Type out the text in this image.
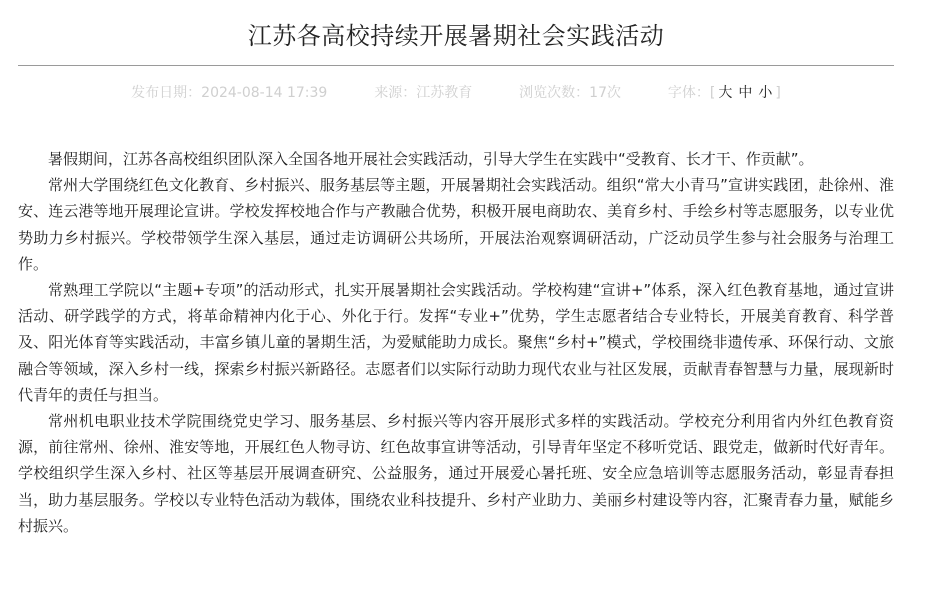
江苏各高校持续开展暑期社会实践活动
发布日期：2024-08-14 17:39	来源：江苏教育	浏览次数：17次	字体：[ 大 中 小 ]

暑假期间，江苏各高校组织团队深入全国各地开展社会实践活动，引导大学生在实践中“受教育、长才干、作贡献”。

常州大学围绕红色文化教育、乡村振兴、服务基层等主题，开展暑期社会实践活动。组织“常大小青马”宣讲实践团，赴徐州、淮安、连云港等地开展理论宣讲。学校发挥校地合作与产教融合优势，积极开展电商助农、美育乡村、手绘乡村等志愿服务，以专业优势助力乡村振兴。学校带领学生深入基层，通过走访调研公共场所，开展法治观察调研活动，广泛动员学生参与社会服务与治理工作。

常熟理工学院以“主题+专项”的活动形式，扎实开展暑期社会实践活动。学校构建“宣讲+”体系，深入红色教育基地，通过宣讲活动、研学践学的方式，将革命精神内化于心、外化于行。发挥“专业+”优势，学生志愿者结合专业特长，开展美育教育、科学普及、阳光体育等实践活动，丰富乡镇儿童的暑期生活，为爱赋能助力成长。聚焦“乡村+”模式，学校围绕非遗传承、环保行动、文旅融合等领域，深入乡村一线，探索乡村振兴新路径。志愿者们以实际行动助力现代农业与社区发展，贡献青春智慧与力量，展现新时代青年的责任与担当。

常州机电职业技术学院围绕党史学习、服务基层、乡村振兴等内容开展形式多样的实践活动。学校充分利用省内外红色教育资源，前往常州、徐州、淮安等地，开展红色人物寻访、红色故事宣讲等活动，引导青年坚定不移听党话、跟党走，做新时代好青年。学校组织学生深入乡村、社区等基层开展调查研究、公益服务，通过开展爱心暑托班、安全应急培训等志愿服务活动，彰显青春担当，助力基层服务。学校以专业特色活动为载体，围绕农业科技提升、乡村产业助力、美丽乡村建设等内容，汇聚青春力量，赋能乡村振兴。
